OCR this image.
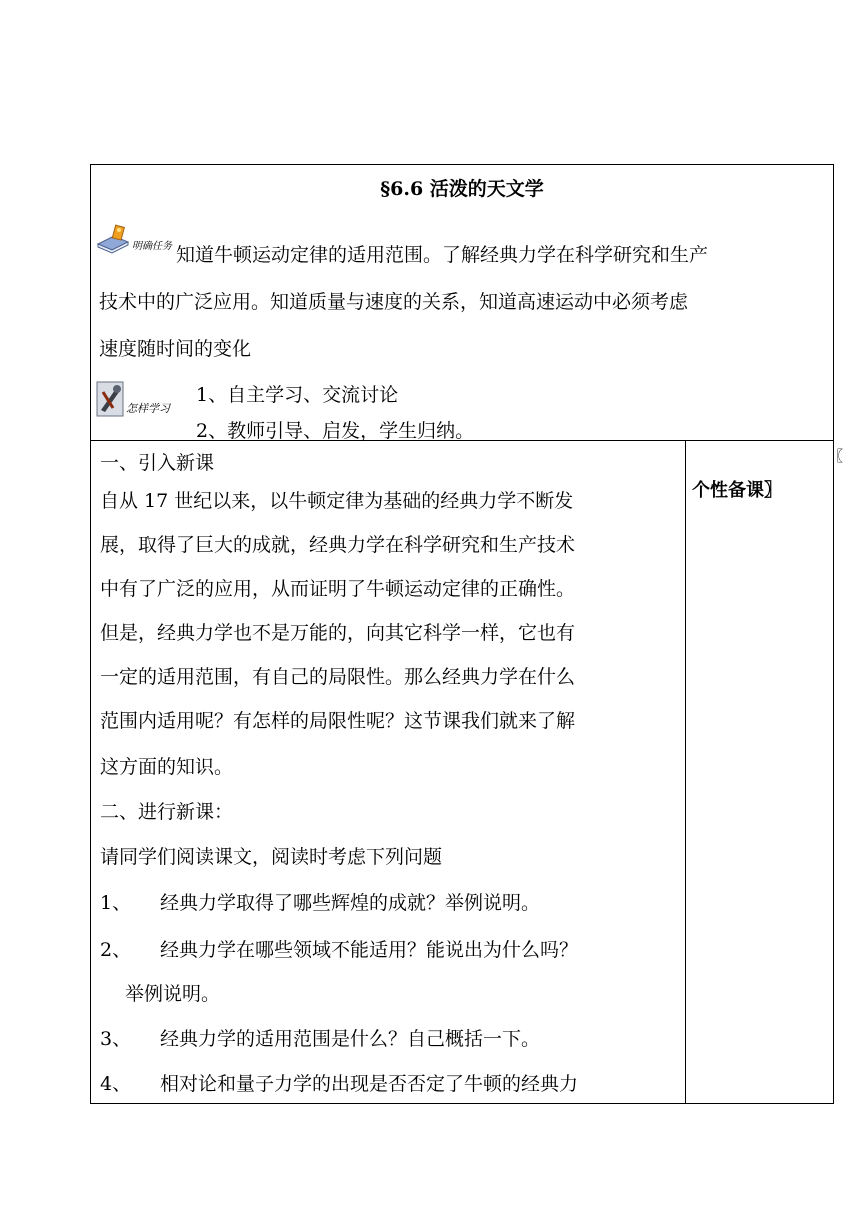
§6.6 活泼的天文学
明确任务 知道牛顿运动定律的适用范围。了解经典力学在科学研究和生产
技术中的广泛应用。知道质量与速度的关系，知道高速运动中必须考虑
速度随时间的变化
怎样学习
1、自主学习、交流讨论
2、教师引导、启发，学生归纳。
一、引入新课
自从 17 世纪以来，以牛顿定律为基础的经典力学不断发
展，取得了巨大的成就，经典力学在科学研究和生产技术
中有了广泛的应用，从而证明了牛顿运动定律的正确性。
但是，经典力学也不是万能的，向其它科学一样，它也有
一定的适用范围，有自己的局限性。那么经典力学在什么
范围内适用呢？有怎样的局限性呢？这节课我们就来了解
这方面的知识。
二、进行新课：
请同学们阅读课文，阅读时考虑下列问题
1、 经典力学取得了哪些辉煌的成就？举例说明。
2、 经典力学在哪些领域不能适用？能说出为什么吗？
举例说明。
3、 经典力学的适用范围是什么？自己概括一下。
4、 相对论和量子力学的出现是否否定了牛顿的经典力
〖
个性备课〗
